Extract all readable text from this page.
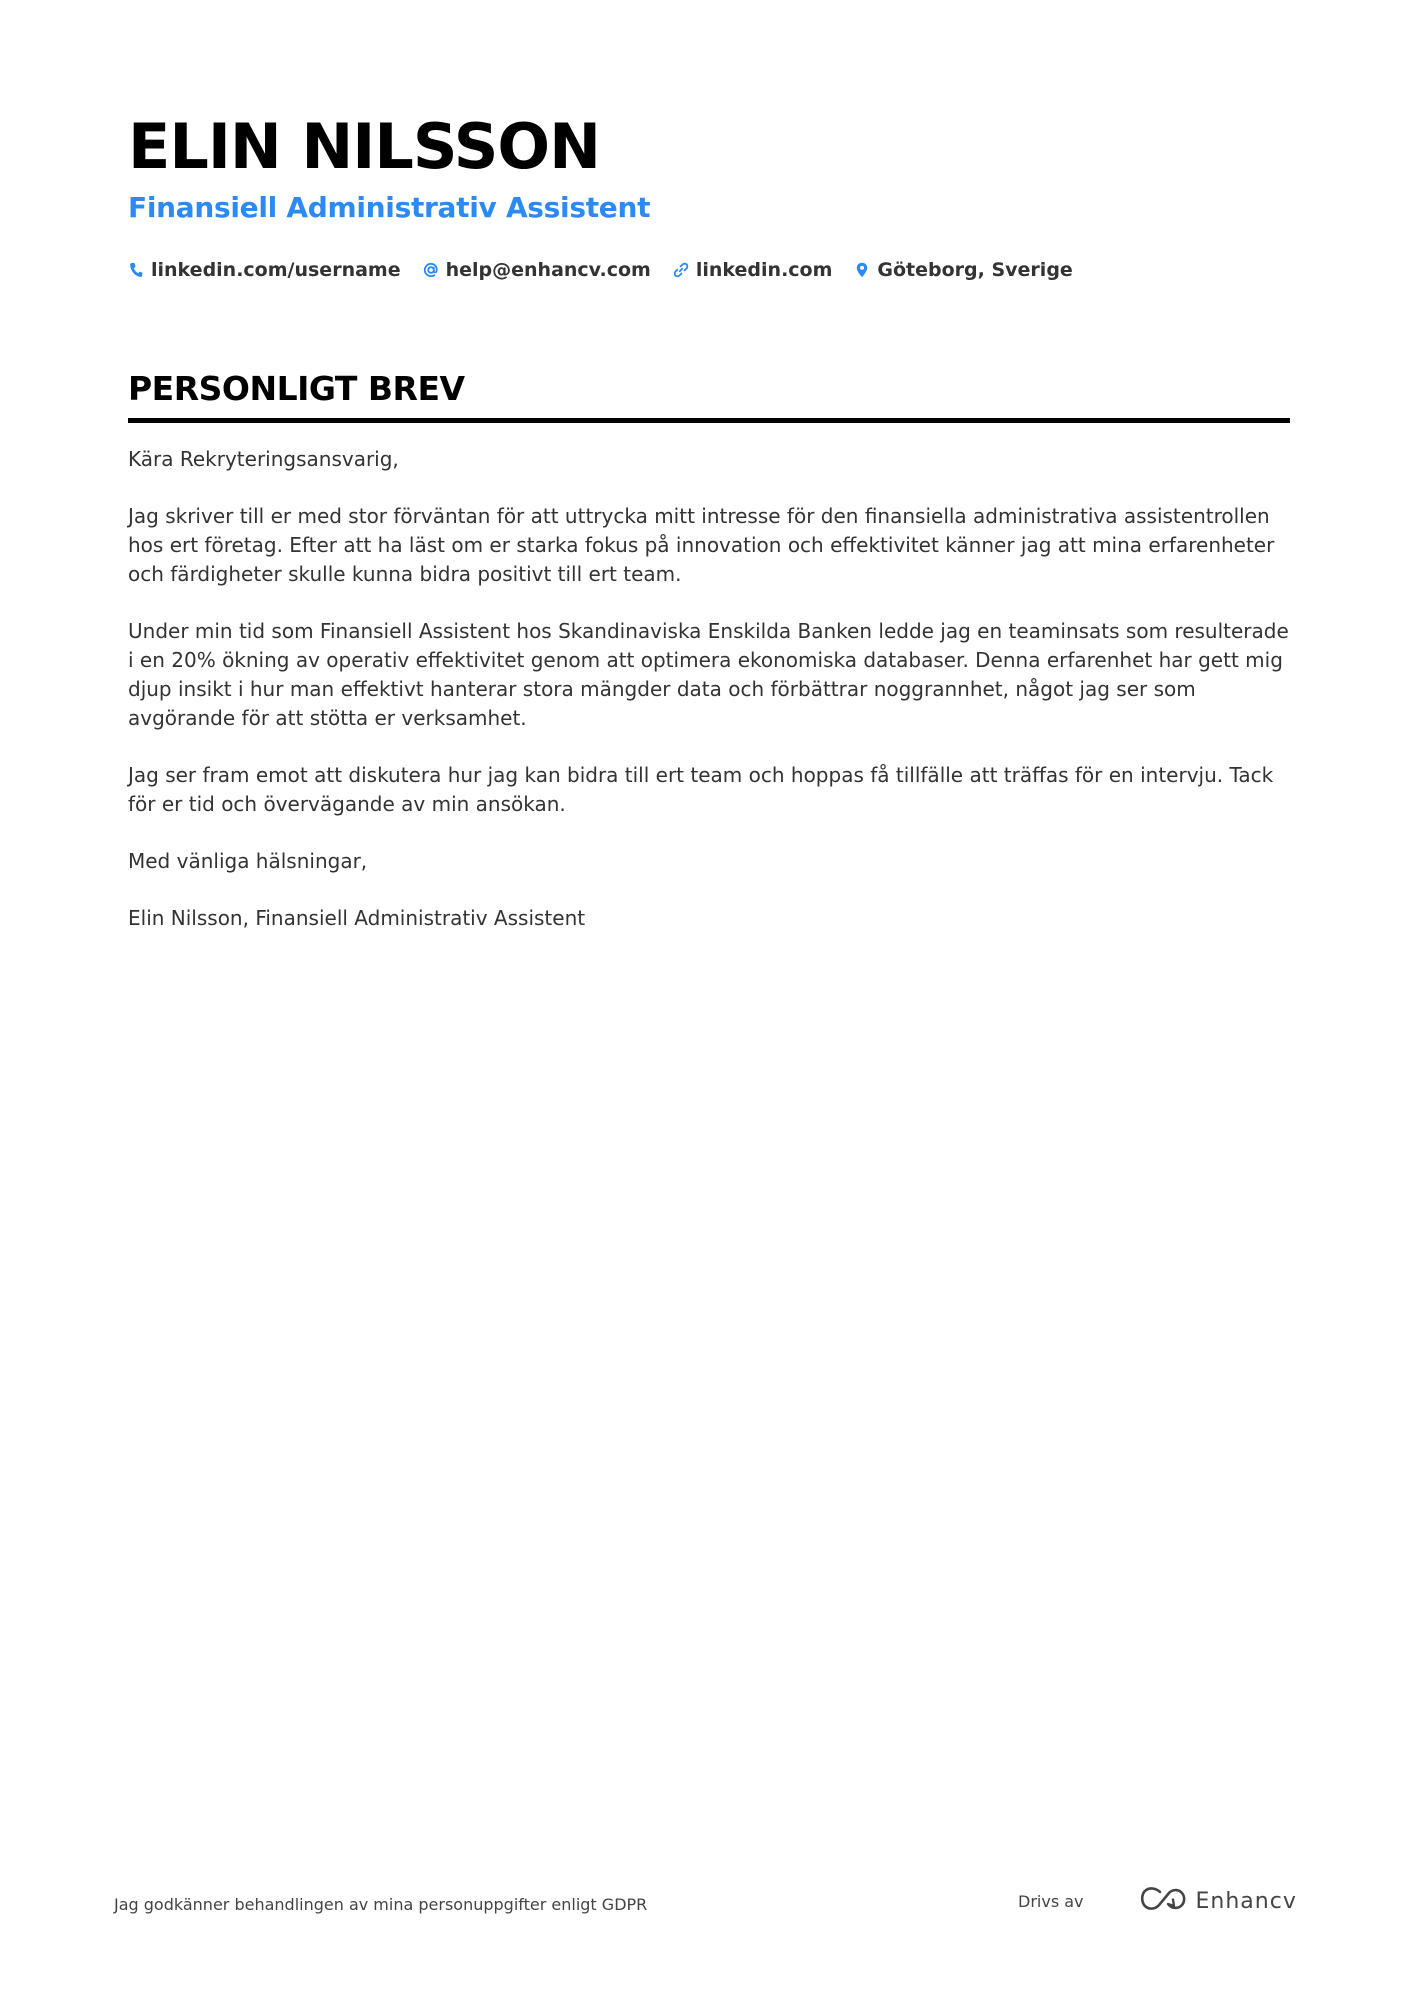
ELIN NILSSON
Finansiell Administrativ Assistent
linkedin.com/username help@enhancv.com linkedin.com Göteborg, Sverige
PERSONLIGT BREV

Kära Rekryteringsansvarig,

Jag skriver till er med stor förväntan för att uttrycka mitt intresse för den finansiella administrativa assistentrollen hos ert företag. Efter att ha läst om er starka fokus på innovation och effektivitet känner jag att mina erfarenheter och färdigheter skulle kunna bidra positivt till ert team.

Under min tid som Finansiell Assistent hos Skandinaviska Enskilda Banken ledde jag en teaminsats som resulterade i en 20% ökning av operativ effektivitet genom att optimera ekonomiska databaser. Denna erfarenhet har gett mig djup insikt i hur man effektivt hanterar stora mängder data och förbättrar noggrannhet, något jag ser som avgörande för att stötta er verksamhet.

Jag ser fram emot att diskutera hur jag kan bidra till ert team och hoppas få tillfälle att träffas för en intervju. Tack för er tid och övervägande av min ansökan.

Med vänliga hälsningar,

Elin Nilsson, Finansiell Administrativ Assistent

Jag godkänner behandlingen av mina personuppgifter enligt GDPR	Drivs av	Enhancv
